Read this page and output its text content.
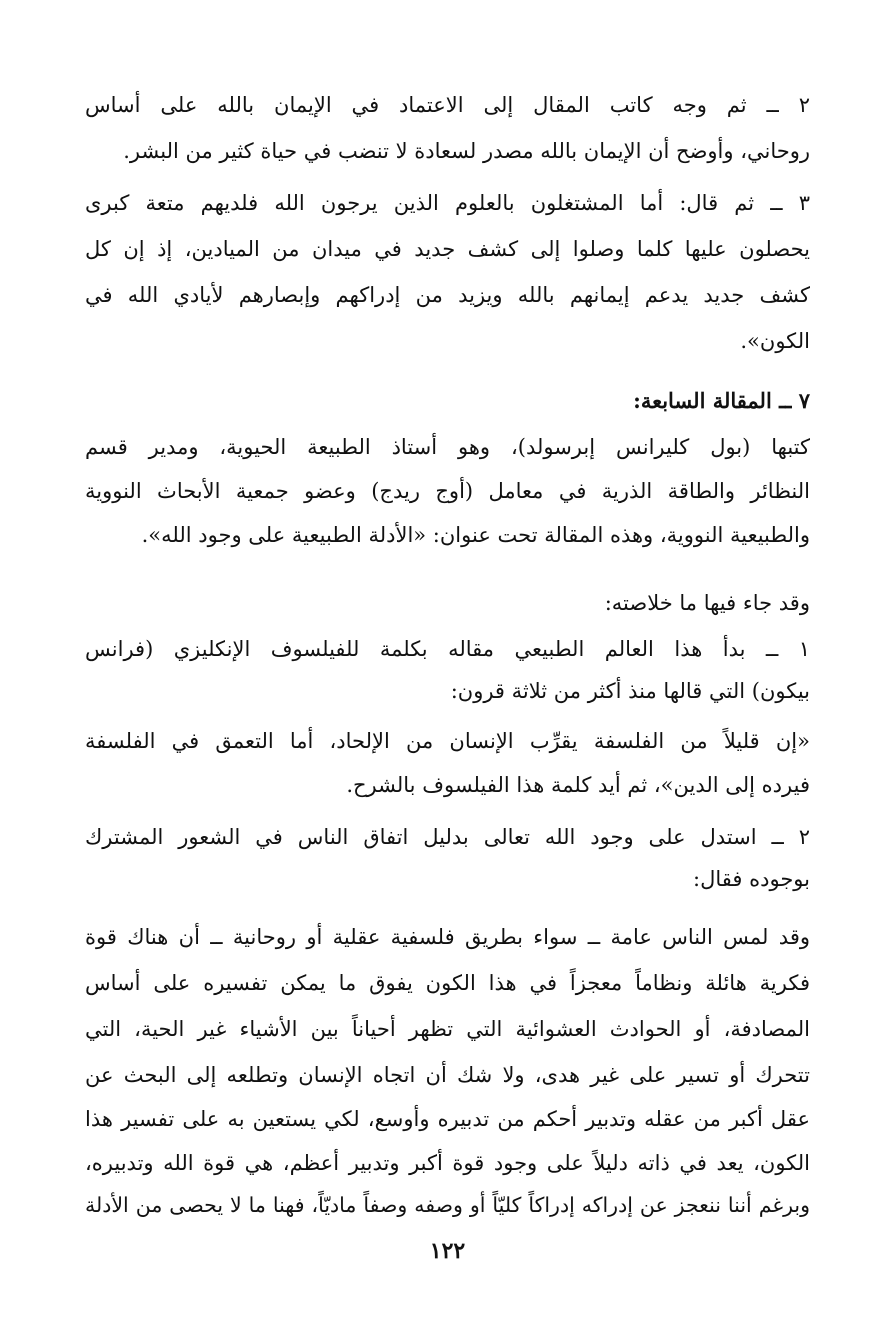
٢ ــ ثم وجه كاتب المقال إلى الاعتماد في الإيمان بالله على أساس
روحاني، وأوضح أن الإيمان بالله مصدر لسعادة لا تنضب في حياة كثير من البشر.
٣ ــ ثم قال: أما المشتغلون بالعلوم الذين يرجون الله فلديهم متعة كبرى
يحصلون عليها كلما وصلوا إلى كشف جديد في ميدان من الميادين، إذ إن كل
كشف جديد يدعم إيمانهم بالله ويزيد من إدراكهم وإبصارهم لأيادي الله في
الكون».
٧ ــ المقالة السابعة:
كتبها (بول كليرانس إبرسولد)، وهو أستاذ الطبيعة الحيوية، ومدير قسم
النظائر والطاقة الذرية في معامل (أوج ريدج) وعضو جمعية الأبحاث النووية
والطبيعية النووية، وهذه المقالة تحت عنوان: «الأدلة الطبيعية على وجود الله».
وقد جاء فيها ما خلاصته:
١ ــ بدأ هذا العالم الطبيعي مقاله بكلمة للفيلسوف الإنكليزي (فرانس
بيكون) التي قالها منذ أكثر من ثلاثة قرون:
«إن قليلاً من الفلسفة يقرِّب الإنسان من الإلحاد، أما التعمق في الفلسفة
فيرده إلى الدين»، ثم أيد كلمة هذا الفيلسوف بالشرح.
٢ ــ استدل على وجود الله تعالى بدليل اتفاق الناس في الشعور المشترك
بوجوده فقال:
وقد لمس الناس عامة ــ سواء بطريق فلسفية عقلية أو روحانية ــ أن هناك قوة
فكرية هائلة ونظاماً معجزاً في هذا الكون يفوق ما يمكن تفسيره على أساس
المصادفة، أو الحوادث العشوائية التي تظهر أحياناً بين الأشياء غير الحية، التي
تتحرك أو تسير على غير هدى، ولا شك أن اتجاه الإنسان وتطلعه إلى البحث عن
عقل أكبر من عقله وتدبير أحكم من تدبيره وأوسع، لكي يستعين به على تفسير هذا
الكون، يعد في ذاته دليلاً على وجود قوة أكبر وتدبير أعظم، هي قوة الله وتدبيره،
وبرغم أننا ننعجز عن إدراكه إدراكاً كليّاً أو وصفه وصفاً ماديّاً، فهنا ما لا يحصى من الأدلة
١٢٢
